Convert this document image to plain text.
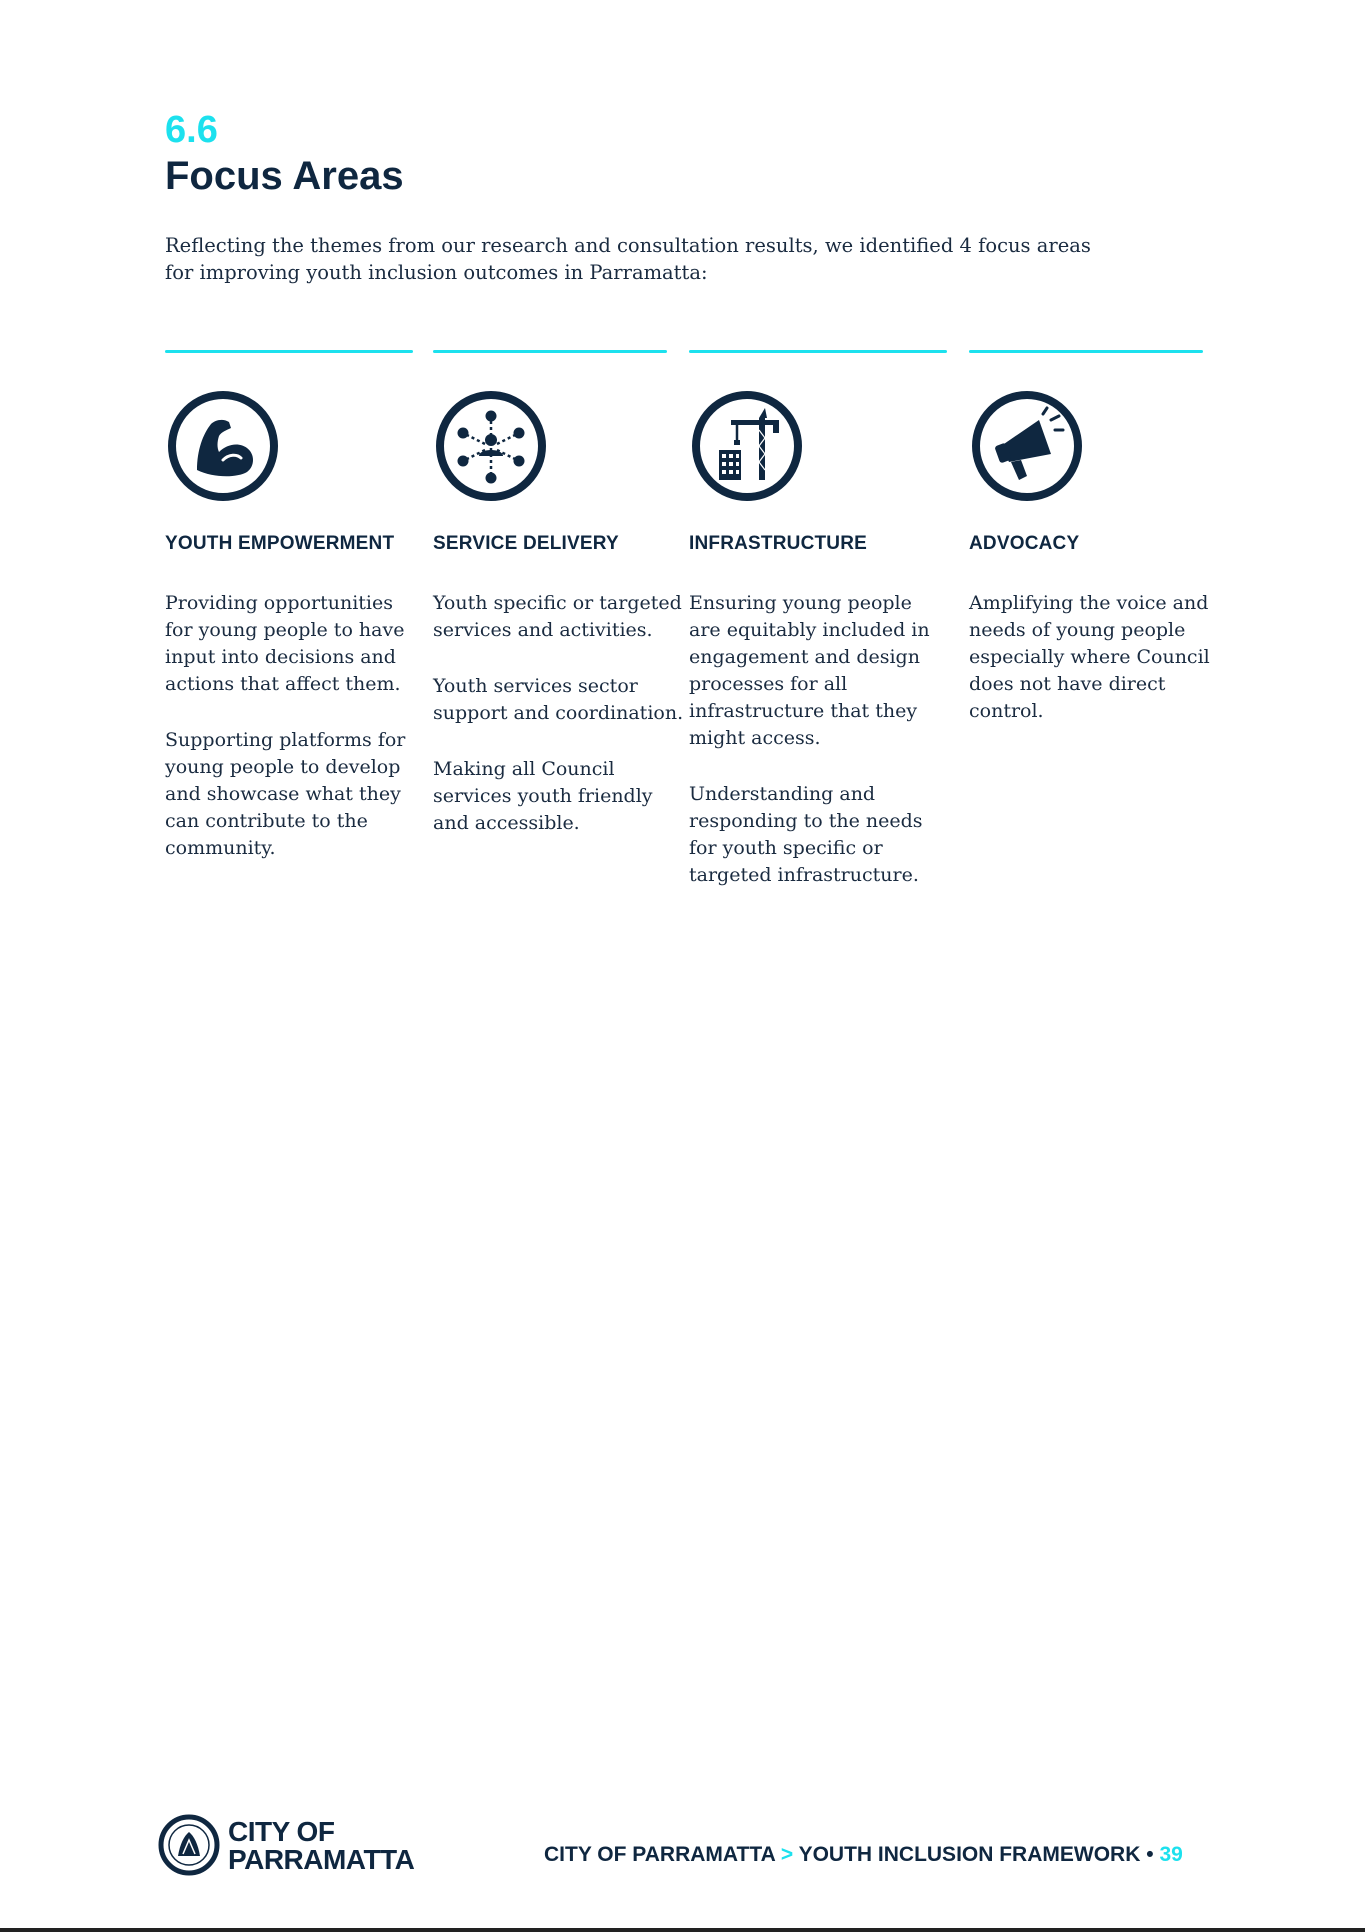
6.6
Focus Areas
Reflecting the themes from our research and consultation results, we identified 4 focus areas for improving youth inclusion outcomes in Parramatta:
YOUTH EMPOWERMENT

Providing opportunities for young people to have input into decisions and actions that affect them.

Supporting platforms for young people to develop and showcase what they can contribute to the community.

SERVICE DELIVERY

Youth specific or targeted services and activities.

Youth services sector support and coordination.

Making all Council services youth friendly and accessible.

INFRASTRUCTURE

Ensuring young people are equitably included in engagement and design processes for all infrastructure that they might access.

Understanding and responding to the needs for youth specific or targeted infrastructure.

ADVOCACY

Amplifying the voice and needs of young people especially where Council does not have direct control.

CITY OF
PARRAMATTA	CITY OF PARRAMATTA > YOUTH INCLUSION FRAMEWORK • 39
